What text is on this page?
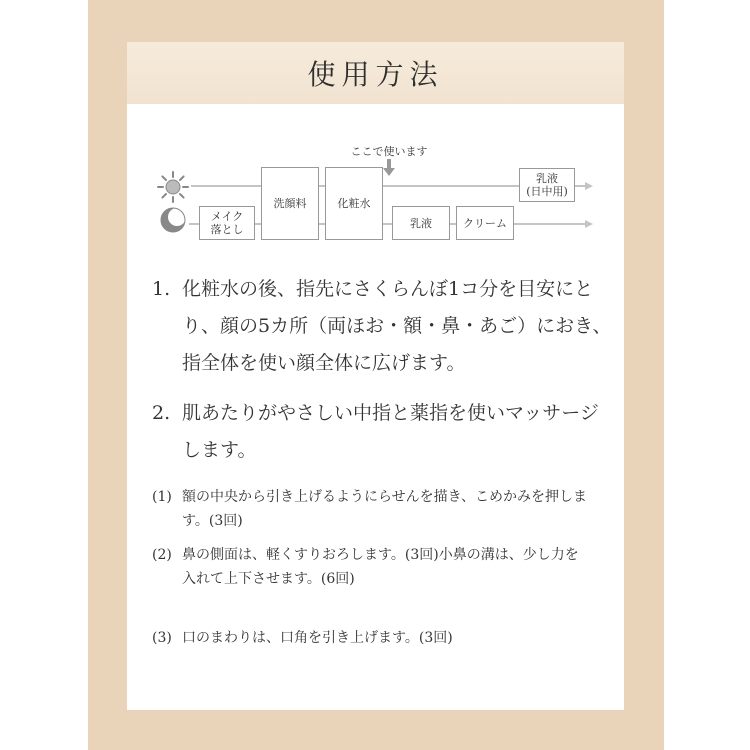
使用方法
ここで使います
メイク
落とし
洗顔料	化粧水
乳液	クリーム
乳液
(日中用)
1. 化粧水の後、指先にさくらんぼ1コ分を目安にとり、顔の5カ所（両ほお・額・鼻・あご）におき、指全体を使い顔全体に広げます。
2. 肌あたりがやさしい中指と薬指を使いマッサージします。
(1) 額の中央から引き上げるようにらせんを描き、こめかみを押します。(3回)
(2) 鼻の側面は、軽くすりおろします。(3回)小鼻の溝は、少し力を入れて上下させます。(6回)
(3) 口のまわりは、口角を引き上げます。(3回)
